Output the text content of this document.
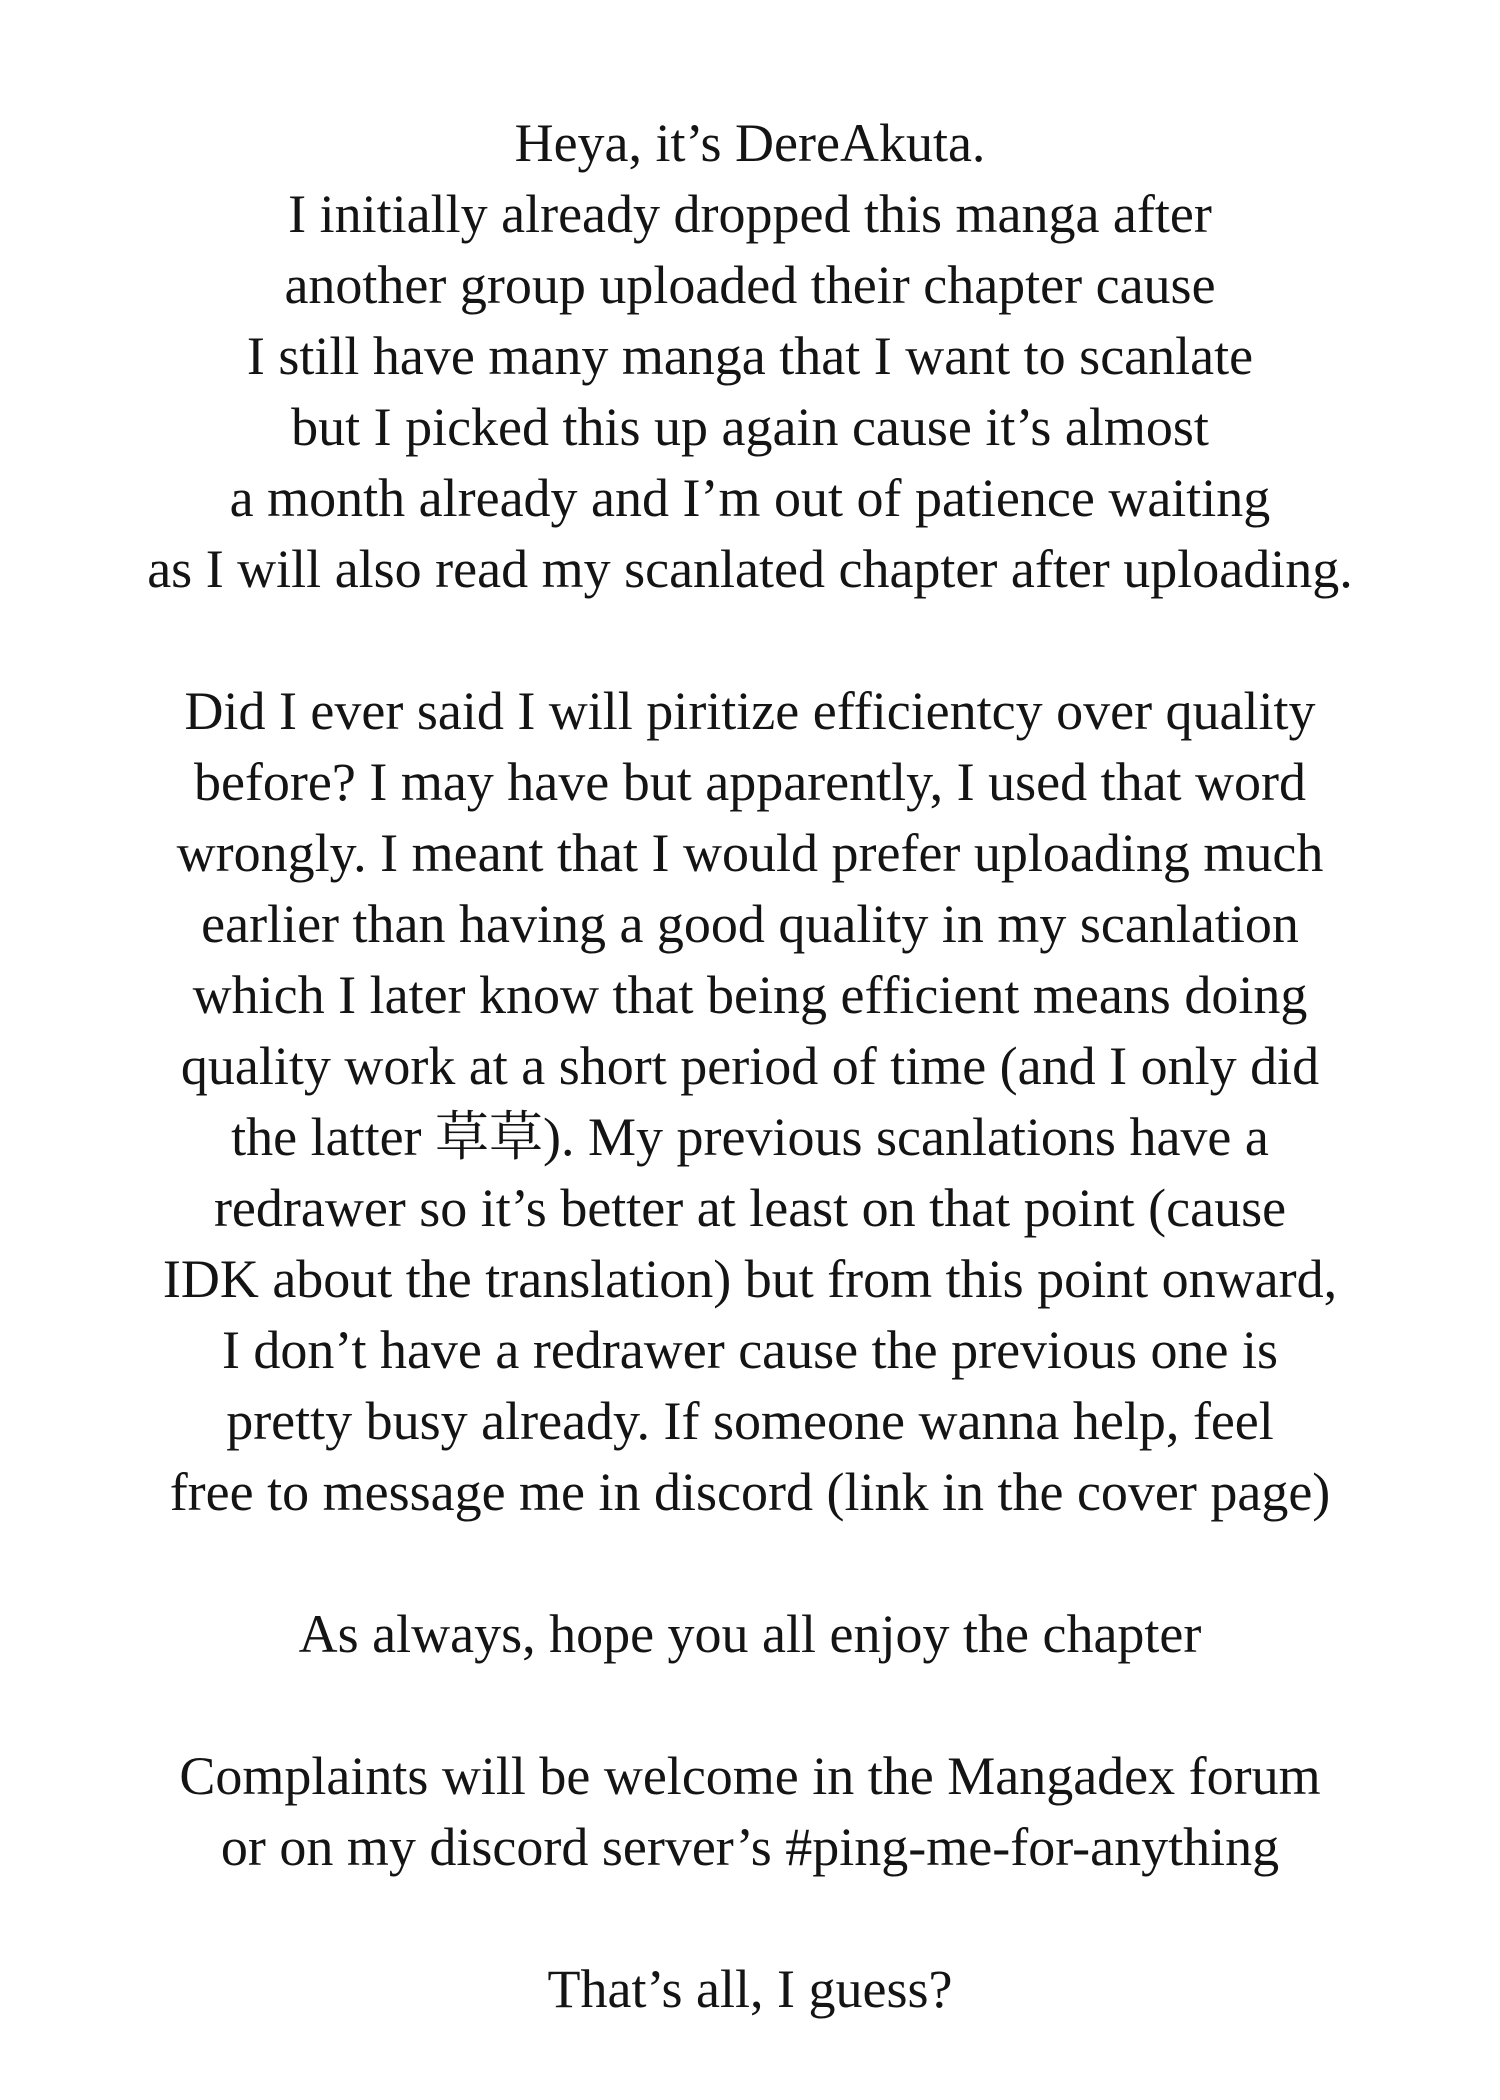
Heya, it’s DereAkuta.
I initially already dropped this manga after
another group uploaded their chapter cause
I still have many manga that I want to scanlate
but I picked this up again cause it’s almost
a month already and I’m out of patience waiting
as I will also read my scanlated chapter after uploading.
Did I ever said I will piritize efficientcy over quality
before? I may have but apparently, I used that word
wrongly. I meant that I would prefer uploading much
earlier than having a good quality in my scanlation
which I later know that being efficient means doing
quality work at a short period of time (and I only did
the latter 草草). My previous scanlations have a
redrawer so it’s better at least on that point (cause
IDK about the translation) but from this point onward,
I don’t have a redrawer cause the previous one is
pretty busy already. If someone wanna help, feel
free to message me in discord (link in the cover page)
As always, hope you all enjoy the chapter
Complaints will be welcome in the Mangadex forum
or on my discord server’s #ping-me-for-anything
That’s all, I guess?
